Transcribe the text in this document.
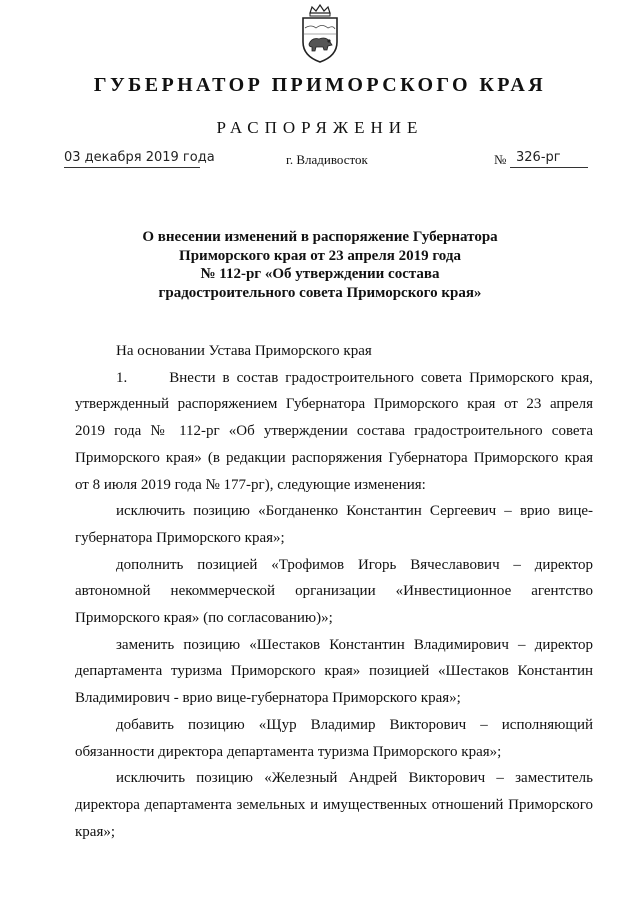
ГУБЕРНАТОР ПРИМОРСКОГО КРАЯ
РАСПОРЯЖЕНИЕ
03 декабря 2019 года	г. Владивосток	№ 326-рг
О внесении изменений в распоряжение Губернатора
Приморского края от 23 апреля 2019 года
№ 112-рг «Об утверждении состава
градостроительного совета Приморского края»

На основании Устава Приморского края

1.      Внести в состав градостроительного совета Приморского края, утвержденный распоряжением Губернатора Приморского края от 23 апреля 2019 года № 112-рг «Об утверждении состава градостроительного совета Приморского края» (в редакции распоряжения Губернатора Приморского края от 8 июля 2019 года № 177-рг), следующие изменения:

исключить позицию «Богданенко Константин Сергеевич – врио вице-губернатора Приморского края»;

дополнить позицией «Трофимов Игорь Вячеславович – директор автономной некоммерческой организации «Инвестиционное агентство Приморского края» (по согласованию)»;

заменить позицию «Шестаков Константин Владимирович – директор департамента туризма Приморского края» позицией «Шестаков Константин Владимирович - врио вице-губернатора Приморского края»;

добавить позицию «Щур Владимир Викторович – исполняющий обязанности директора департамента туризма Приморского края»;

исключить позицию «Железный Андрей Викторович – заместитель директора департамента земельных и имущественных отношений Приморского края»;
